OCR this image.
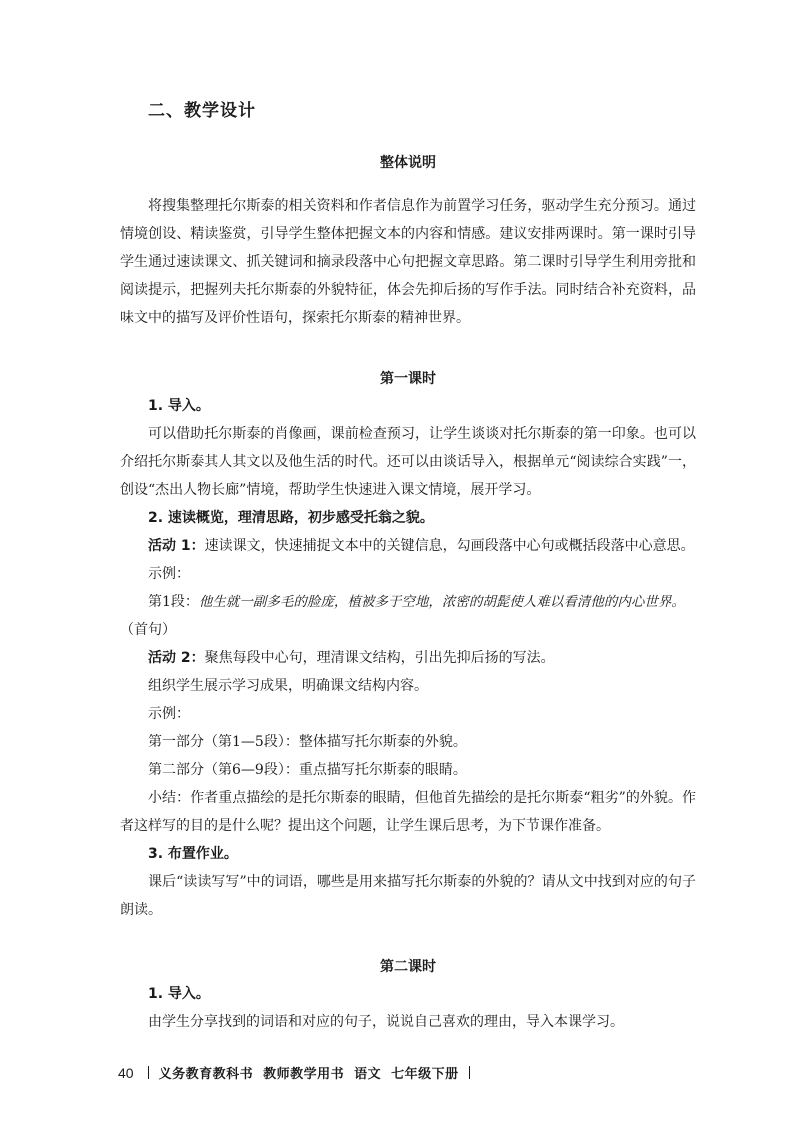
二、教学设计
整体说明

将搜集整理托尔斯泰的相关资料和作者信息作为前置学习任务，驱动学生充分预习。通过情境创设、精读鉴赏，引导学生整体把握文本的内容和情感。建议安排两课时。第一课时引导学生通过速读课文、抓关键词和摘录段落中心句把握文章思路。第二课时引导学生利用旁批和阅读提示，把握列夫托尔斯泰的外貌特征，体会先抑后扬的写作手法。同时结合补充资料，品味文中的描写及评价性语句，探索托尔斯泰的精神世界。

第一课时

1. 导入。

可以借助托尔斯泰的肖像画，课前检查预习，让学生谈谈对托尔斯泰的第一印象。也可以介绍托尔斯泰其人其文以及他生活的时代。还可以由谈话导入，根据单元“阅读综合实践”一，创设“杰出人物长廊”情境，帮助学生快速进入课文情境，展开学习。

2. 速读概览，理清思路，初步感受托翁之貌。

活动 1：速读课文，快速捕捉文本中的关键信息，勾画段落中心句或概括段落中心意思。

示例：

第1段：他生就一副多毛的脸庞，植被多于空地，浓密的胡髭使人难以看清他的内心世界。

（首句）

活动 2：聚焦每段中心句，理清课文结构，引出先抑后扬的写法。

组织学生展示学习成果，明确课文结构内容。

示例：

第一部分（第1—5段）：整体描写托尔斯泰的外貌。

第二部分（第6—9段）：重点描写托尔斯泰的眼睛。

小结：作者重点描绘的是托尔斯泰的眼睛，但他首先描绘的是托尔斯泰“粗劣”的外貌。作者这样写的目的是什么呢？提出这个问题，让学生课后思考，为下节课作准备。

3. 布置作业。

课后“读读写写”中的词语，哪些是用来描写托尔斯泰的外貌的？请从文中找到对应的句子朗读。

第二课时

1. 导入。

由学生分享找到的词语和对应的句子，说说自己喜欢的理由，导入本课学习。

40 义务教育教科书 教师教学用书 语文 七年级下册
